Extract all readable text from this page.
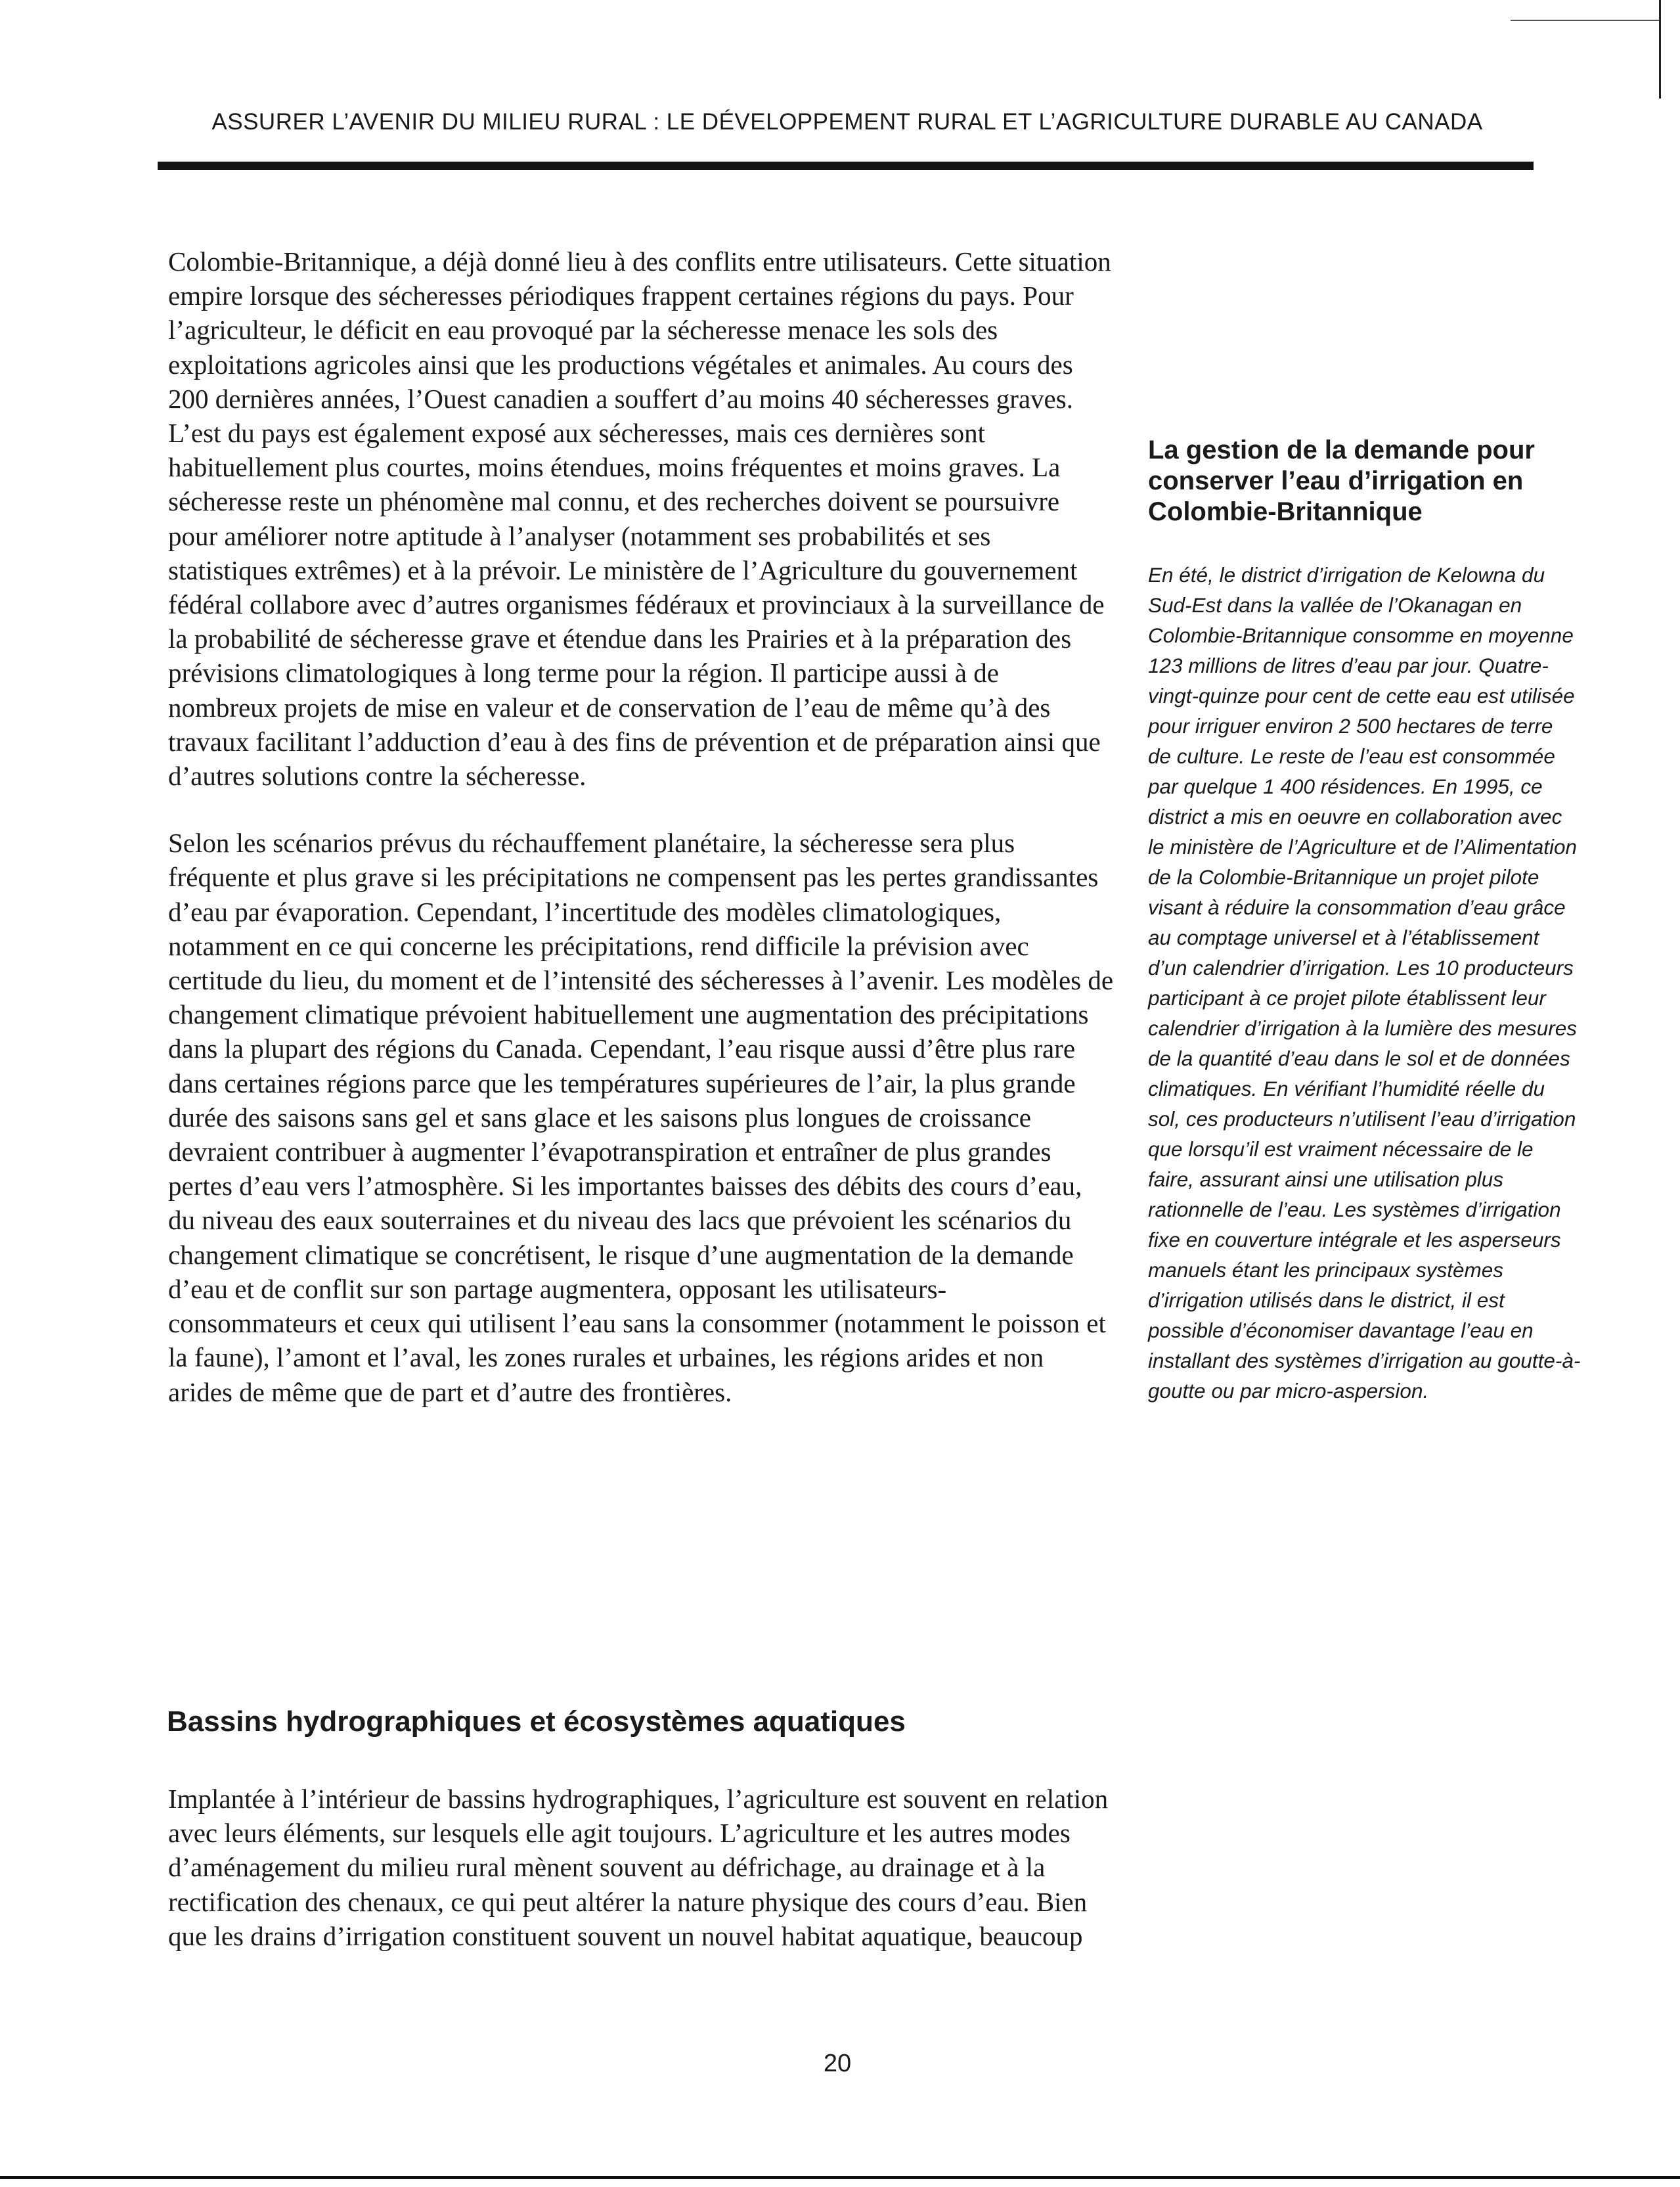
ASSURER L’AVENIR DU MILIEU RURAL : LE DÉVELOPPEMENT RURAL ET L’AGRICULTURE DURABLE AU CANADA

Colombie-Britannique, a déjà donné lieu à des conflits entre utilisateurs. Cette situation empire lorsque des sécheresses périodiques frappent certaines régions du pays. Pour l’agriculteur, le déficit en eau provoqué par la sécheresse menace les sols des exploitations agricoles ainsi que les productions végétales et animales. Au cours des 200 dernières années, l’Ouest canadien a souffert d’au moins 40 sécheresses graves. L’est du pays est également exposé aux sécheresses, mais ces dernières sont habituellement plus courtes, moins étendues, moins fréquentes et moins graves. La sécheresse reste un phénomène mal connu, et des recherches doivent se poursuivre pour améliorer notre aptitude à l’analyser (notamment ses probabilités et ses statistiques extrêmes) et à la prévoir. Le ministère de l’Agriculture du gouvernement fédéral collabore avec d’autres organismes fédéraux et provinciaux à la surveillance de la probabilité de sécheresse grave et étendue dans les Prairies et à la préparation des prévisions climatologiques à long terme pour la région. Il participe aussi à de nombreux projets de mise en valeur et de conservation de l’eau de même qu’à des travaux facilitant l’adduction d’eau à des fins de prévention et de préparation ainsi que d’autres solutions contre la sécheresse.

Selon les scénarios prévus du réchauffement planétaire, la sécheresse sera plus fréquente et plus grave si les précipitations ne compensent pas les pertes grandissantes d’eau par évaporation. Cependant, l’incertitude des modèles climatologiques, notamment en ce qui concerne les précipitations, rend difficile la prévision avec certitude du lieu, du moment et de l’intensité des sécheresses à l’avenir. Les modèles de changement climatique prévoient habituellement une augmentation des précipitations dans la plupart des régions du Canada. Cependant, l’eau risque aussi d’être plus rare dans certaines régions parce que les températures supérieures de l’air, la plus grande durée des saisons sans gel et sans glace et les saisons plus longues de croissance devraient contribuer à augmenter l’évapotranspiration et entraîner de plus grandes pertes d’eau vers l’atmosphère. Si les importantes baisses des débits des cours d’eau, du niveau des eaux souterraines et du niveau des lacs que prévoient les scénarios du changement climatique se concrétisent, le risque d’une augmentation de la demande d’eau et de conflit sur son partage augmentera, opposant les utilisateurs-consommateurs et ceux qui utilisent l’eau sans la consommer (notamment le poisson et la faune), l’amont et l’aval, les zones rurales et urbaines, les régions arides et non arides de même que de part et d’autre des frontières.

Bassins hydrographiques et écosystèmes aquatiques

Implantée à l’intérieur de bassins hydrographiques, l’agriculture est souvent en relation avec leurs éléments, sur lesquels elle agit toujours. L’agriculture et les autres modes d’aménagement du milieu rural mènent souvent au défrichage, au drainage et à la rectification des chenaux, ce qui peut altérer la nature physique des cours d’eau. Bien que les drains d’irrigation constituent souvent un nouvel habitat aquatique, beaucoup

La gestion de la demande pour conserver l’eau d’irrigation en Colombie-Britannique
En été, le district d’irrigation de Kelowna du Sud-Est dans la vallée de l’Okanagan en Colombie-Britannique consomme en moyenne 123 millions de litres d’eau par jour. Quatre-vingt-quinze pour cent de cette eau est utilisée pour irriguer environ 2 500 hectares de terre de culture. Le reste de l’eau est consommée par quelque 1 400 résidences. En 1995, ce district a mis en oeuvre en collaboration avec le ministère de l’Agriculture et de l’Alimentation de la Colombie-Britannique un projet pilote visant à réduire la consommation d’eau grâce au comptage universel et à l’établissement d’un calendrier d’irrigation. Les 10 producteurs participant à ce projet pilote établissent leur calendrier d’irrigation à la lumière des mesures de la quantité d’eau dans le sol et de données climatiques. En vérifiant l’humidité réelle du sol, ces producteurs n’utilisent l’eau d’irrigation que lorsqu’il est vraiment nécessaire de le faire, assurant ainsi une utilisation plus rationnelle de l’eau. Les systèmes d’irrigation fixe en couverture intégrale et les asperseurs manuels étant les principaux systèmes d’irrigation utilisés dans le district, il est possible d’économiser davantage l’eau en installant des systèmes d’irrigation au goutte-à-goutte ou par micro-aspersion.
20
